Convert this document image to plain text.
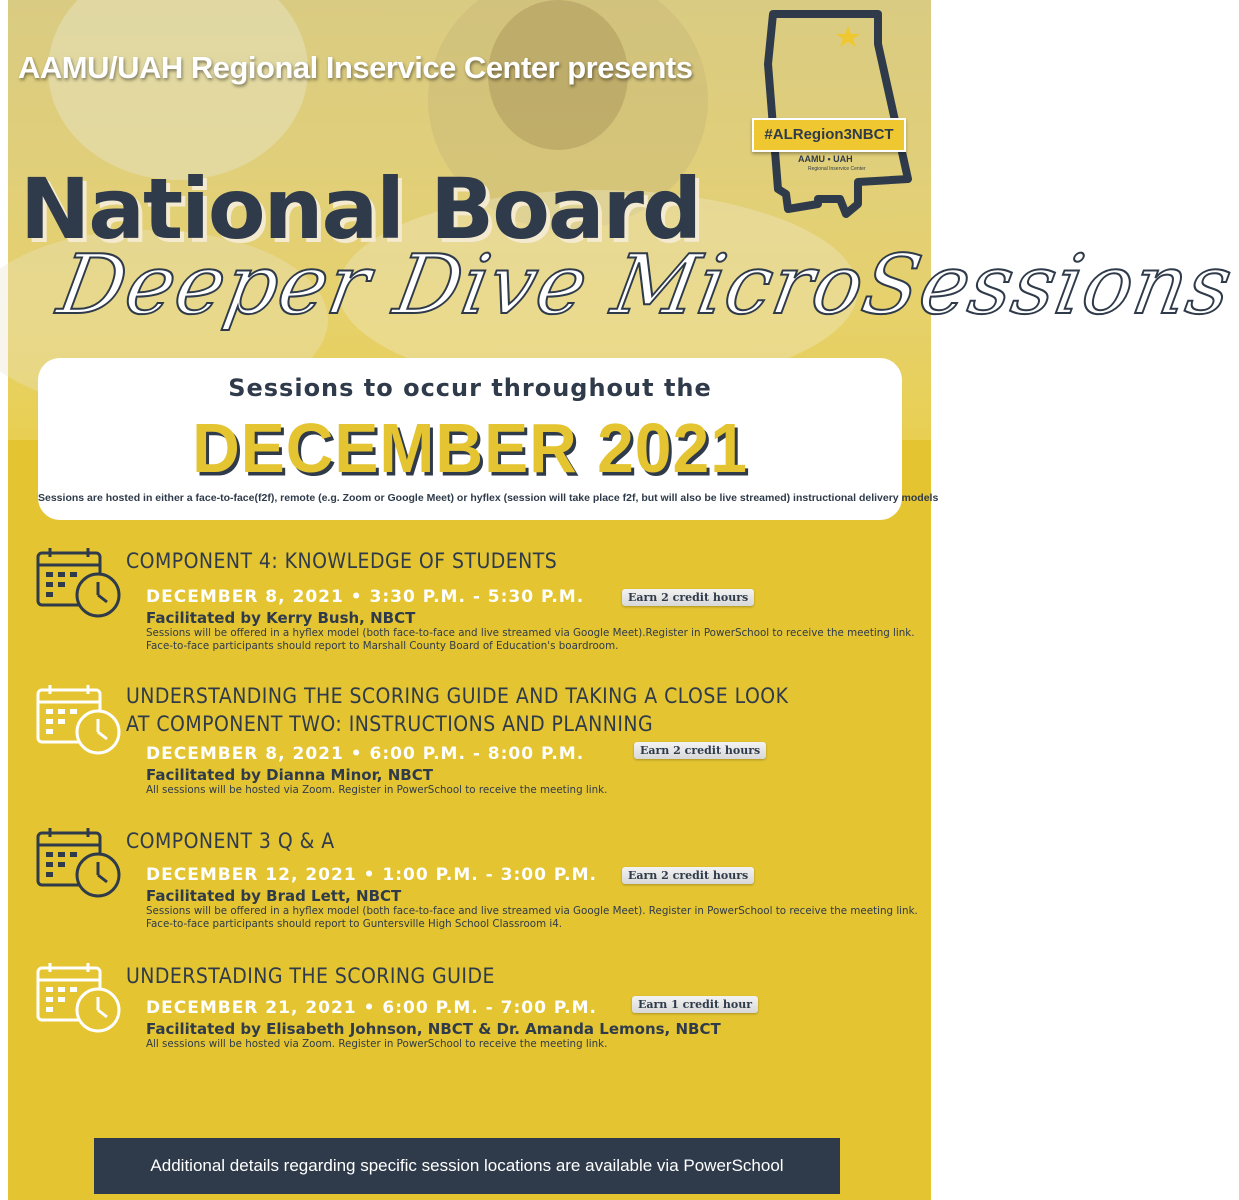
AAMU/UAH Regional Inservice Center presents
#ALRegion3NBCT
AAMU • UAH
Regional Inservice Center
National Board
Deeper Dive MicroSessions
Sessions to occur throughout the
DECEMBER 2021
Sessions are hosted in either a face-to-face(f2f), remote (e.g. Zoom or Google Meet) or hyflex (session will take place f2f, but will also be live streamed) instructional delivery models
COMPONENT 4: KNOWLEDGE OF STUDENTS
DECEMBER 8, 2021 • 3:30 P.M. - 5:30 P.M.	Earn 2 credit hours
Facilitated by Kerry Bush, NBCT
Sessions will be offered in a hyflex model (both face-to-face and live streamed via Google Meet).Register in PowerSchool to receive the meeting link. Face-to-face participants should report to Marshall County Board of Education's boardroom.
UNDERSTANDING THE SCORING GUIDE AND TAKING A CLOSE LOOK
AT COMPONENT TWO: INSTRUCTIONS AND PLANNING
DECEMBER 8, 2021 • 6:00 P.M. - 8:00 P.M.	Earn 2 credit hours
Facilitated by Dianna Minor, NBCT
All sessions will be hosted via Zoom. Register in PowerSchool to receive the meeting link.
COMPONENT 3 Q & A
DECEMBER 12, 2021 • 1:00 P.M. - 3:00 P.M.	Earn 2 credit hours
Facilitated by Brad Lett, NBCT
Sessions will be offered in a hyflex model (both face-to-face and live streamed via Google Meet). Register in PowerSchool to receive the meeting link. Face-to-face participants should report to Guntersville High School Classroom i4.
UNDERSTADING THE SCORING GUIDE
DECEMBER 21, 2021 • 6:00 P.M. - 7:00 P.M.	Earn 1 credit hour
Facilitated by Elisabeth Johnson, NBCT & Dr. Amanda Lemons, NBCT
All sessions will be hosted via Zoom. Register in PowerSchool to receive the meeting link.
Additional details regarding specific session locations are available via PowerSchool
